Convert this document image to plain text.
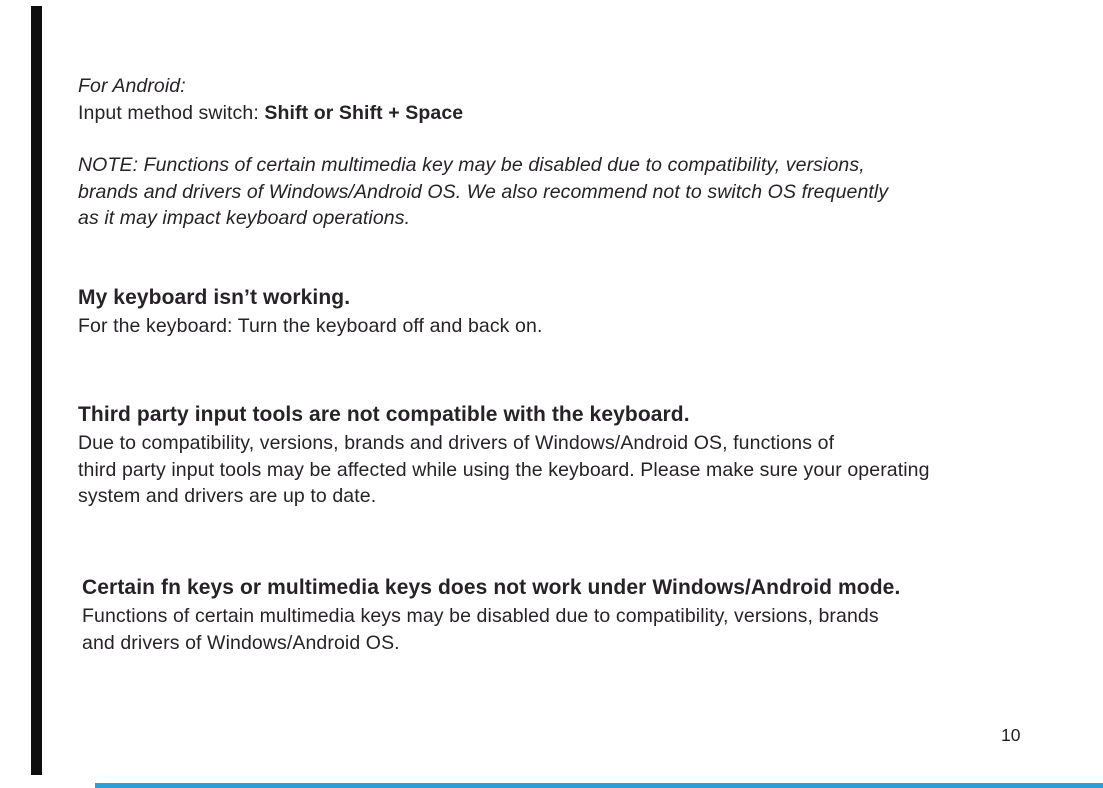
For Android:
Input method switch: Shift or Shift + Space
NOTE: Functions of certain multimedia key may be disabled due to compatibility, versions,
brands and drivers of Windows/Android OS. We also recommend not to switch OS frequently
as it may impact keyboard operations.
My keyboard isn’t working.
For the keyboard: Turn the keyboard off and back on.
Third party input tools are not compatible with the keyboard.
Due to compatibility, versions, brands and drivers of Windows/Android OS, functions of
third party input tools may be affected while using the keyboard. Please make sure your operating
system and drivers are up to date.
Certain fn keys or multimedia keys does not work under Windows/Android mode.
Functions of certain multimedia keys may be disabled due to compatibility, versions, brands
and drivers of Windows/Android OS.
10
